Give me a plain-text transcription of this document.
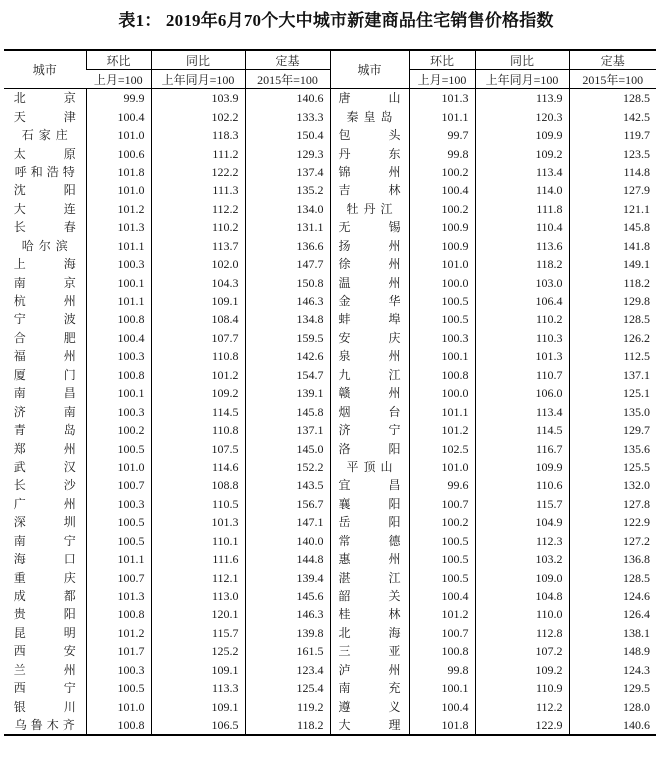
表1： 2019年6月70个大中城市新建商品住宅销售价格指数
城市	环比	同比	定基	城市	环比	同比	定基
	上月=100	上年同月=100	2015年=100		上月=100	上年同月=100	2015年=100
北京	99.9	103.9	140.6	唐山	101.3	113.9	128.5
天津	100.4	102.2	133.3	秦皇岛	101.1	120.3	142.5
石家庄	101.0	118.3	150.4	包头	99.7	109.9	119.7
太原	100.6	111.2	129.3	丹东	99.8	109.2	123.5
呼和浩特	101.8	122.2	137.4	锦州	100.2	113.4	114.8
沈阳	101.0	111.3	135.2	吉林	100.4	114.0	127.9
大连	101.2	112.2	134.0	牡丹江	100.2	111.8	121.1
长春	101.3	110.2	131.1	无锡	100.9	110.4	145.8
哈尔滨	101.1	113.7	136.6	扬州	100.9	113.6	141.8
上海	100.3	102.0	147.7	徐州	101.0	118.2	149.1
南京	100.1	104.3	150.8	温州	100.0	103.0	118.2
杭州	101.1	109.1	146.3	金华	100.5	106.4	129.8
宁波	100.8	108.4	134.8	蚌埠	100.5	110.2	128.5
合肥	100.4	107.7	159.5	安庆	100.3	110.3	126.2
福州	100.3	110.8	142.6	泉州	100.1	101.3	112.5
厦门	100.8	101.2	154.7	九江	100.8	110.7	137.1
南昌	100.1	109.2	139.1	赣州	100.0	106.0	125.1
济南	100.3	114.5	145.8	烟台	101.1	113.4	135.0
青岛	100.2	110.8	137.1	济宁	101.2	114.5	129.7
郑州	100.5	107.5	145.0	洛阳	102.5	116.7	135.6
武汉	101.0	114.6	152.2	平顶山	101.0	109.9	125.5
长沙	100.7	108.8	143.5	宜昌	99.6	110.6	132.0
广州	100.3	110.5	156.7	襄阳	100.7	115.7	127.8
深圳	100.5	101.3	147.1	岳阳	100.2	104.9	122.9
南宁	100.5	110.1	140.0	常德	100.5	112.3	127.2
海口	101.1	111.6	144.8	惠州	100.5	103.2	136.8
重庆	100.7	112.1	139.4	湛江	100.5	109.0	128.5
成都	101.3	113.0	145.6	韶关	100.4	104.8	124.6
贵阳	100.8	120.1	146.3	桂林	101.2	110.0	126.4
昆明	101.2	115.7	139.8	北海	100.7	112.8	138.1
西安	101.7	125.2	161.5	三亚	100.8	107.2	148.9
兰州	100.3	109.1	123.4	泸州	99.8	109.2	124.3
西宁	100.5	113.3	125.4	南充	100.1	110.9	129.5
银川	101.0	109.1	119.2	遵义	100.4	112.2	128.0
乌鲁木齐	100.8	106.5	118.2	大理	101.8	122.9	140.6
